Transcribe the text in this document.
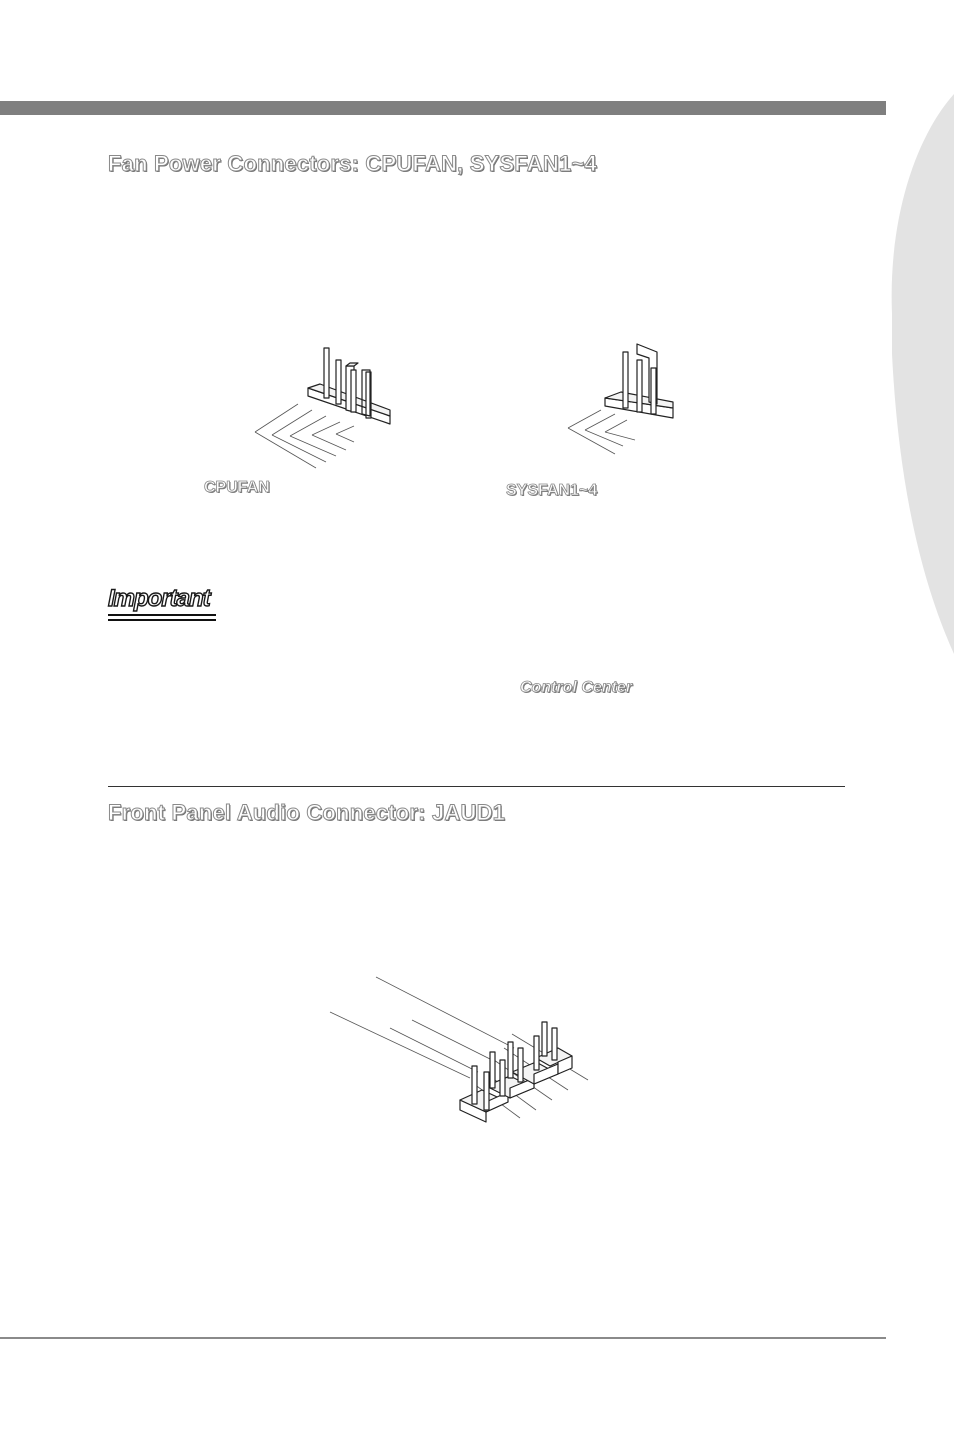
Fan Power Connectors: CPUFAN, SYSFAN1~4

CPUFAN	SYSFAN1~4

Important

Control Center

Front Panel Audio Connector: JAUD1
